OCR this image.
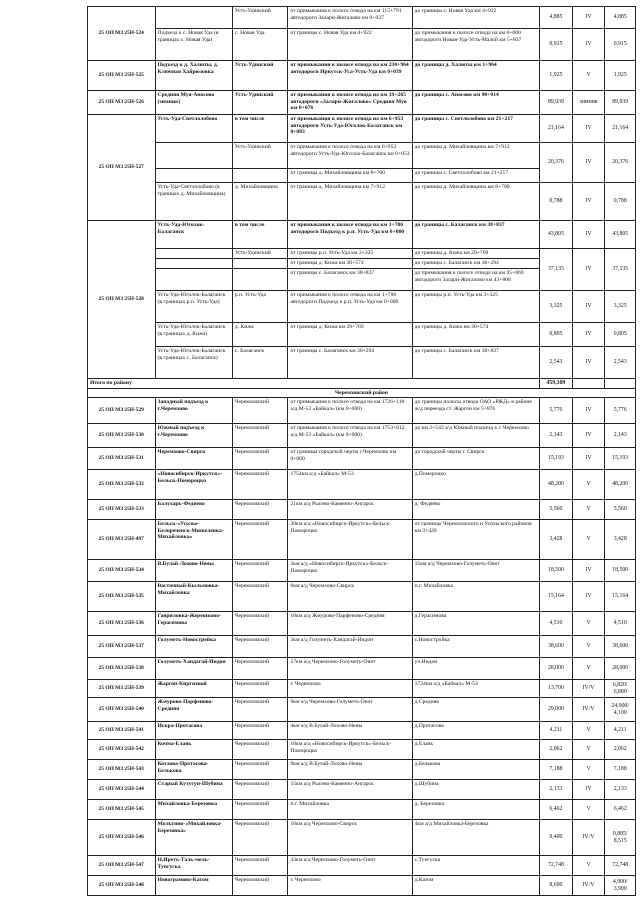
25 ОП МЗ 25Н-524		Усть-Удинский	от примыкания к полосе отвода на км 115+791 автодороги Залари-Жигалово км 0+037	до границы с. Новая Уда км 4+922	4,885	IV	4,885
	Подъезд к с. Новая Уда (в границах с. Новая Уда)	с. Новая Уда	от границы с. Новая Уда км 4+922	до примыкания к полосе отвода на км 0+000 автодороги Новая-Уда-Усть-Малой км 5+837	0,915	IV	0,915
25 ОП МЗ 25Н-525	Подъезд к д. Халюты, д. Ключная Хайрюзовка	Усть-Удинский	от примыкания к полосе отвода на км 230+964 автодороги Иркутск-Уса-Усть-Уда км 0+039	до границы д. Халюты км 1+964	1,925	V	1,925
25 ОП МЗ 25Н-526	Средняя Муя-Аносово (зимник)	Усть-Удинский	от примыкания к полосе отвода на км 19+265 автодороги «Залари-Жигалово» Средняя Муя км 0+076	до границы с. Аносово км 90+014	89,939	зимник	89,939
25 ОП МЗ 25Н-527	Усть-Уда-Светлолобово	в том числе	от примыкания к полосе отвода на км 6+953 автодороги Усть-Уда-Юголок-Балаганск км 0+083	до границы с. Светлолобово км 21+217	21,164	IV	21,164
		Усть-Удинский	от примыкания к полосе отвода на км 6+953 автодороги Усть-Уда-Юголок-Балаганск км 0+053	до границы д. Михайловщина км 7+912	20,376	IV	20,376
			от границы д. Михайловщина км 8+700	до границы с. Светлолобово км 21+217			
	Усть-Уда-Светлолобово (в границах д. Михайловщина)	д. Михайловщина	от границы д. Михайловщина км 7+912	до границы д. Михайловщина км 8+700	0,788	IV	0,788
25 ОП МЗ 25Н-528	Усть-Уда-Юголок-Балаганск	в том числе	от примыкания к полосе отвода на км 1+706 автодороги Подъезд к р.п. Усть-Уда км 0+000	до границы с. Балаганск км 38+837	43,805	IV	43,805
		Усть-Удинский	от границы р.п. Усть-Уда км 3+325	до границы д. Кижа км 29+769	37,135	IV	37,135
			от границы д. Кижа км 30+574	до границы с. Балаганск км 36+294			
			от границы с. Балаганск км 38+837	до примыкания к полосе отвода на км 95+869 автодороги Залари-Жигалово км 43+808			
	Усть-Уда-Юголок-Балаганск (в границах р.п. Усть-Уда)	р.п. Усть-Уда	от примыкания к полосе отвода на км 1+706 автодороги Подъезд к р.п. Усть-Уда км 0+000	до границы р.п. Усть-Уда км 3+325	3,325	IV	3,325
	Усть-Уда-Юголок-Балаганск (в границах д. Кижа)	д. Кижа	от границы д. Кижа км 29+769	до границы д. Кижа км 30+574	0,805	IV	0,805
	Усть-Уда-Юголок-Балаганск (в границах с. Балаганск)	с. Балаганск	от границы с. Балаганск км 36+294	до границы с. Балаганск км 38+837	2,543	IV	2,543
Итого по району					459,109		
Черемховский район							
25 ОП МЗ 25Н-529	Западный подъезд к г.Черемхово	Черемховский	от примыкания к полосе отвода на км 1726+118 а/д М-53 «Байкал» (км 0+000)	до границы полосы отвода ОАО «РЖД» в районе ж/д переезда ст. Жаргон км 5+876	5,776	IV	5,776
25 ОП МЗ 25Н-530	Южный подъезд к г.Черемхово	Черемховский	от примыкания к полосе отвода на км 1753+812 а/д М-53 «Байкал» (км 0+000)	до км 2+543 а/д Южный подъезд к г. Черемхово	2,143	IV	2,143
25 ОП МЗ 25Н-531	Черемхово-Свирск	Черемховский	от границы городской черты г.Черемхово км 0+000	до городской черты г. Свирск	15,193	IV	15,193
25 ОП МЗ 25Н-532	«Новосибирск-Иркутск»-Бельск-Помороцко	Черемховский	1754км а/д «Байкал» М-53	д.Помороцко	48,200	V	48,200
25 ОП МЗ 25Н-533	Балухарь-Федяево	Черемховский	21км а/д Рысево-Каменно-Ангарск	д. Федяево	5,560	V	5,560
25 ОП МЗ 25Н-497	Бельск-«Усолье-Белореченск-Мишелевка-Михайловка»	Черемховский	20км а/д «Новосибирск-Иркутск»-Бельск-Помороцко	от границы Черемховского и Усольского районов км 3+428	3,428	V	3,428
25 ОП МЗ 25Н-534	В.Булай-Лохово-Нены	Черемховский	3км а/д «Новосибирск-Иркутск»-Бельск-Помороцко	15км а/д Черемхово-Голуметь-Онот	18,500	IV	18,500
25 ОП МЗ 25Н-535	Восточный-Кыльмовка-Михайловка	Черемховский	6км а/д Черемхово-Свирск	п.г. Михайловка	15,164	IV	15,164
25 ОП МЗ 25Н-536	Гавриловка-Жерешково-Герасимова	Черемховский	10км а/д Жмурово-Парфеново-Средняя	д.Герасимова	4,510	V	4,510
25 ОП МЗ 25Н-537	Голуметь-Новострейка	Черемховский	3км а/д Голуметь-Хандагай-Индон	с.Новостройка	38,600	V	38,600
25 ОП МЗ 25Н-538	Голуметь-Хандагай-Индон	Черемховский	57км а/д Черемхово-Голуметь-Онот	уч.Индон	28,000	V	28,000
25 ОП МЗ 25Н-539	Жаргон-Киргизной	Черемховский	г. Черемхово	1724км а/д «Байкал» М-53	13,700	IV/V	6,820/ 6,880
25 ОП МЗ 25Н-540	Жмурово-Парфеново-Средняя	Черемховский	9км а/д Черемхово-Голуметь-Онот	д.Средняя	29,000	IV/V	24,900/ 4,100
25 ОП МЗ 25Н-541	Искра-Протасова	Черемховский	4км а/д В.Булай-Лохово-Нены	д.Протасова	4,211	V	4,211
25 ОП МЗ 25Н-542	Кочма-Елань	Черемховский	10км а/д «Новосибирск-Иркутск»-Бельск-Помороцко	д.Елань	2,062	V	2,062
25 ОП МЗ 25Н-543	Козлова-Протасова-Белькова	Черемховский	9км а/д В.Булай-Лохово-Нены	д.Белькова	7,188	V	7,188
25 ОП МЗ 25Н-544	Старый Кутугун-Шубина	Черемховский	15км а/д Рысево-Каменно-Ангарск	д.Шубина	2,133	IV	2,133
25 ОП МЗ 25Н-545	Михайловка-Березовка	Черемховский	п.г. Михайловка	д. Березовка	6,462	V	6,462
25 ОП МЗ 25Н-546	Мольтино-«Михайловка-Березовка»	Черемховский	16км а/д Черемхово-Свирск	4км а/д Михайловка-Березовка	9,400	IV/V	0,885/ 8,515
25 ОП МЗ 25Н-547	Н.Иреть-Таль-мель-Тунгуска	Черемховский	43км а/д Черемхово-Голуметь-Онот	с.Тунгуска	72,748	V	72,748
25 ОП МЗ 25Н-548	Новограмово-Катом	Черемховский	г. Черемхово	д.Катом	8,600	IV/V	4,900/ 3,900
